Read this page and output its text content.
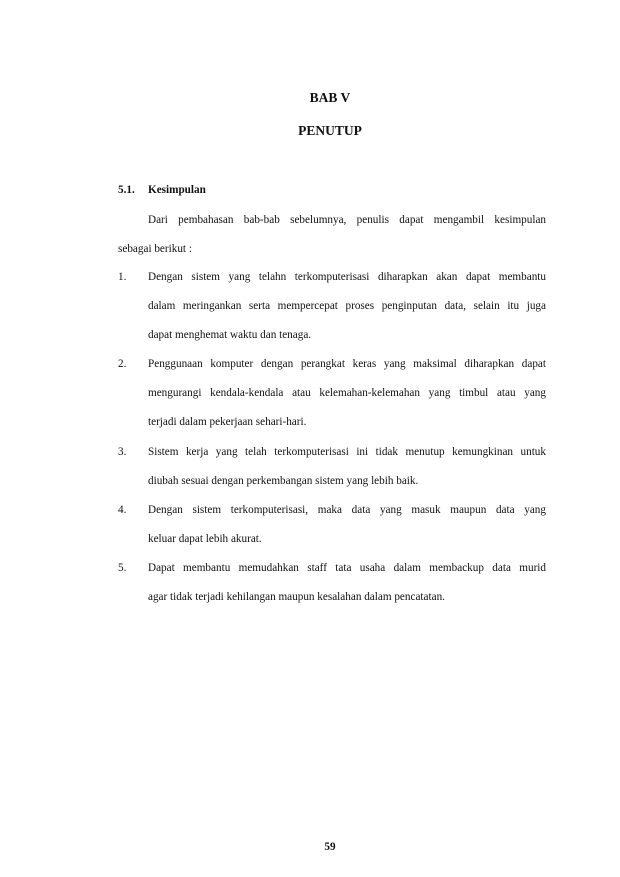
BAB V
PENUTUP
5.1. Kesimpulan
Dari pembahasan bab-bab sebelumnya, penulis dapat mengambil kesimpulan
sebagai berikut :
1. Dengan sistem yang telahn terkomputerisasi diharapkan akan dapat membantu
dalam meringankan serta mempercepat proses penginputan data, selain itu juga
dapat menghemat waktu dan tenaga.
2. Penggunaan komputer dengan perangkat keras yang maksimal diharapkan dapat
mengurangi kendala-kendala atau kelemahan-kelemahan yang timbul atau yang
terjadi dalam pekerjaan sehari-hari.
3. Sistem kerja yang telah terkomputerisasi ini tidak menutup kemungkinan untuk
diubah sesuai dengan perkembangan sistem yang lebih baik.
4. Dengan sistem terkomputerisasi, maka data yang masuk maupun data yang
keluar dapat lebih akurat.
5. Dapat membantu memudahkan staff tata usaha dalam membackup data murid
agar tidak terjadi kehilangan maupun kesalahan dalam pencatatan.
59
